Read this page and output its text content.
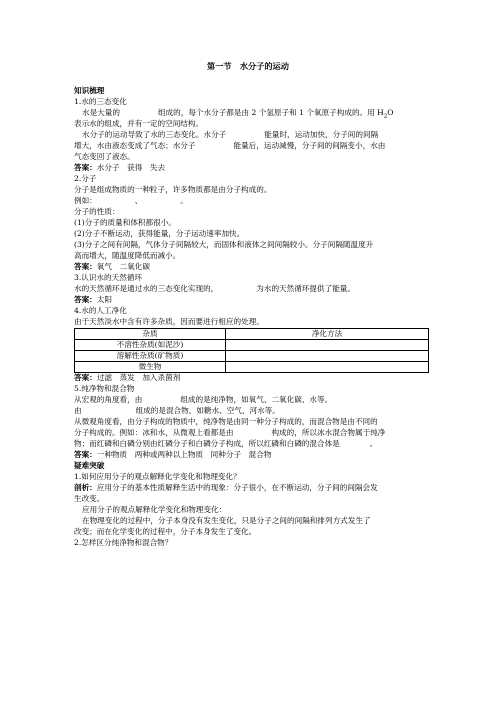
第一节　水分子的运动
知识梳理
1.水的三态变化
水是大量的	组成的，每个水分子都是由 2 个氢原子和 1 个氧原子构成的。用 $H_2O$
表示水的组成，并有一定的空间结构。
水分子的运动导致了水的三态变化。水分子	能量时，运动加快，分子间的间隔
增大，水由液态变成了气态；水分子	能量后，运动减慢，分子间的间隔变小，水由
气态变回了液态。
答案：水分子　获得　失去
2.分子
分子是组成物质的一种粒子，许多物质都是由分子构成的。
例如：	、	。
分子的性质：
(1)分子的质量和体积都很小。
(2)分子不断运动，获得能量，分子运动速率加快。
(3)分子之间有间隔，气体分子间隔较大，而固体和液体之间间隔较小。分子间隔随温度升
高而增大，随温度降低而减小。
答案：氧气　二氧化碳
3.认识水的天然循环
水的天然循环是通过水的三态变化实现的，	为水的天然循环提供了能量。
答案：太阳
4.水的人工净化
由于天然淡水中含有许多杂质，因而要进行相应的处理。
杂质	净化方法
不溶性杂质(如泥沙)	
溶解性杂质(矿物质)	
微生物	
答案：过滤　蒸发　加入杀菌剂
5.纯净物和混合物
从宏观的角度看，由	组成的是纯净物，如氧气、二氧化碳、水等。
由	组成的是混合物，如糖水、空气、河水等。
从微观角度看，由分子构成的物质中，纯净物是由同一种分子构成的，而混合物是由不同的
分子构成的。例如：冰和水，从微观上看都是由	构成的，所以冰水混合物属于纯净
物；而红磷和白磷分别由红磷分子和白磷分子构成，所以红磷和白磷的混合体是	。
答案：一种物质　两种或两种以上物质　同种分子　混合物
疑难突破
1.如何应用分子的观点解释化学变化和物理变化？
剖析：应用分子的基本性质解释生活中的现象：分子很小，在不断运动，分子间的间隔会发
生改变。
应用分子的观点解释化学变化和物理变化：
在物理变化的过程中，分子本身没有发生变化，只是分子之间的间隔和排列方式发生了
改变；而在化学变化的过程中，分子本身发生了变化。
2.怎样区分纯净物和混合物？
